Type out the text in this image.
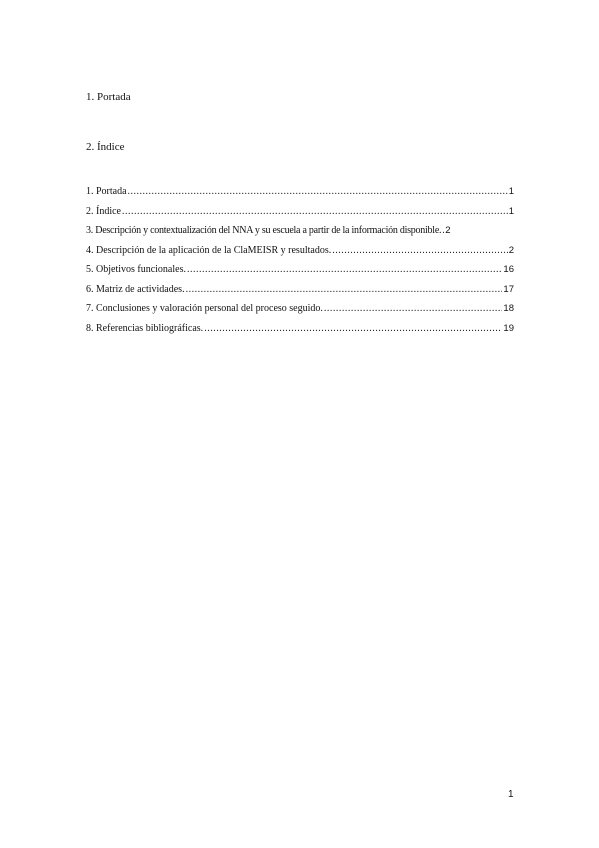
1. Portada
2. Índice
1. Portada .....	1
2. Índice .....	1
3. Descripción y contextualización del NNA y su escuela a partir de la información disponible. ..... 2
4. Descripción de la aplicación de la ClaMEISR y resultados. .....	2
5. Objetivos funcionales. .....	16
6. Matriz de actividades. .....	17
7. Conclusiones y valoración personal del proceso seguido. .....	18
8. Referencias bibliográficas. .....	19
1
